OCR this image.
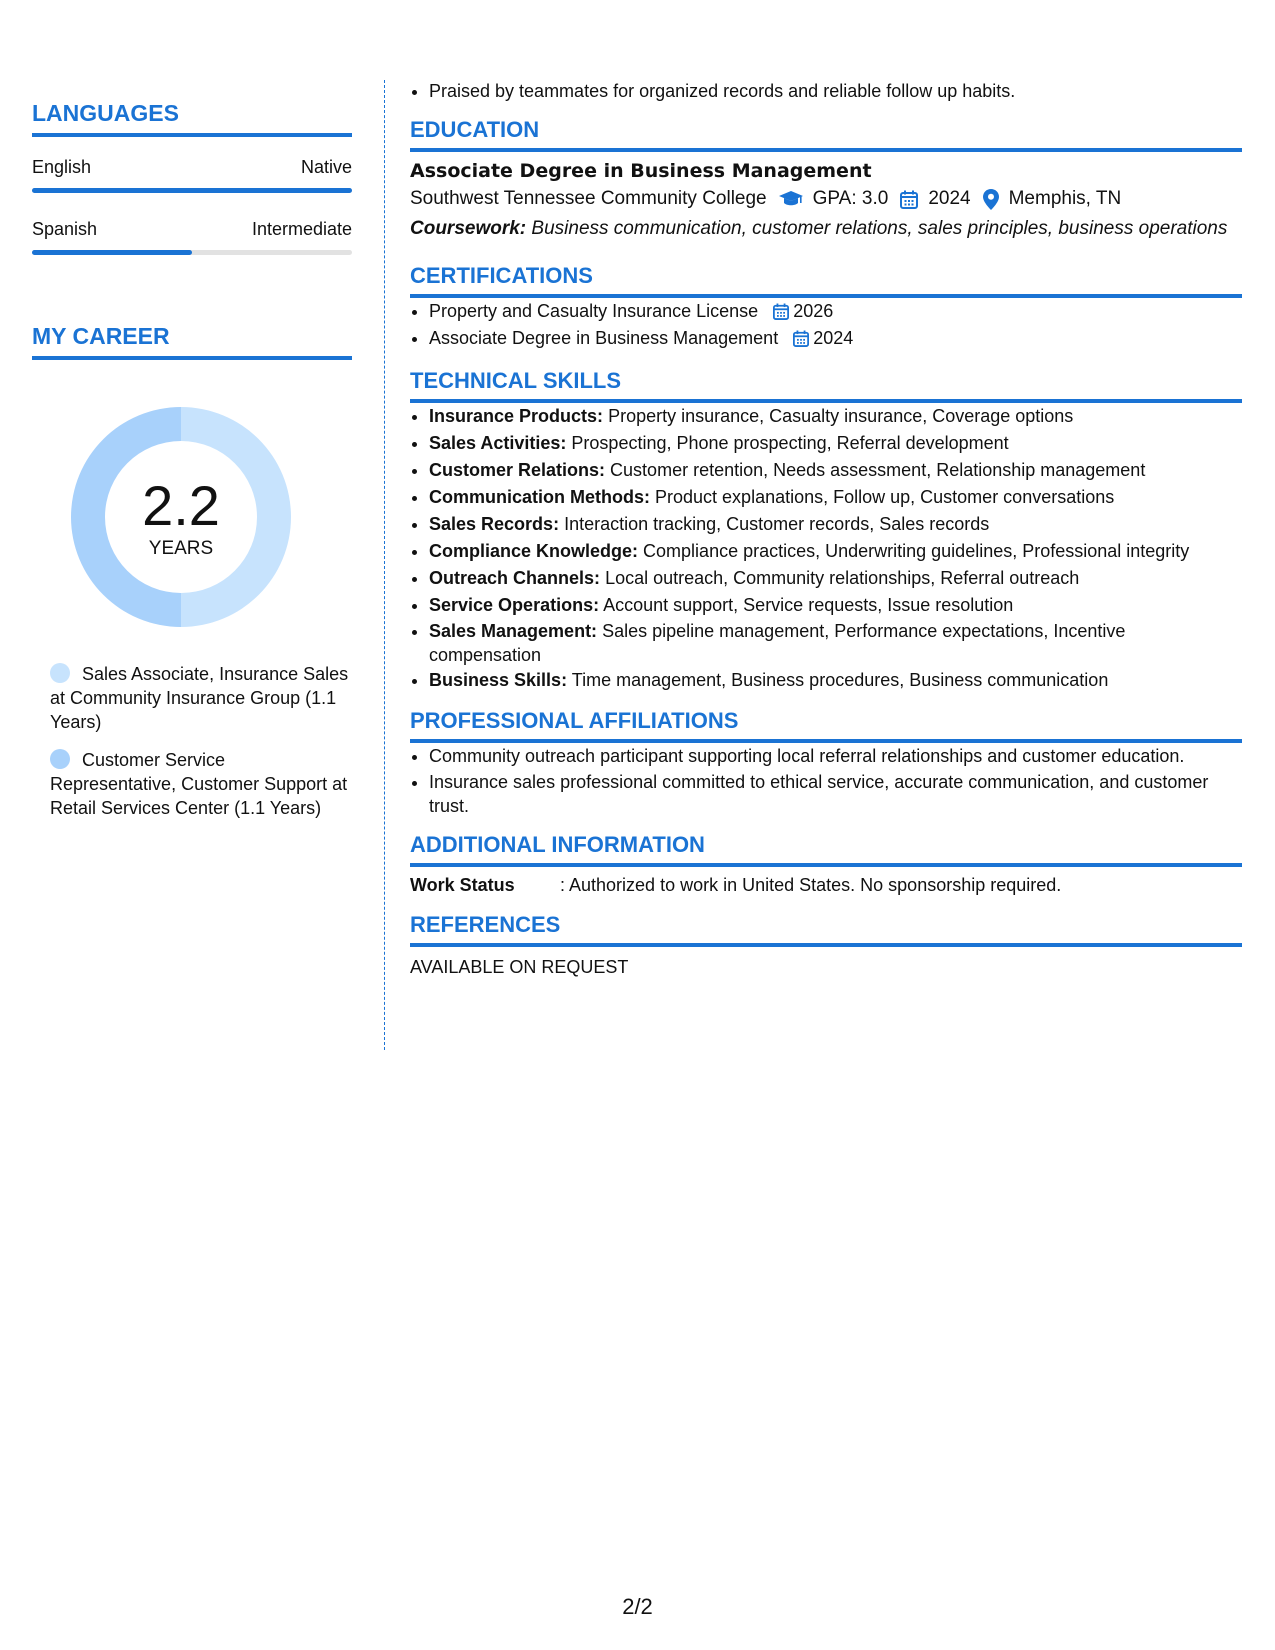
LANGUAGES
English	Native
Spanish	Intermediate
MY CAREER
2.2
YEARS
Sales Associate, Insurance Sales at Community Insurance Group (1.1 Years)
Customer Service Representative, Customer Support at Retail Services Center (1.1 Years)
• Praised by teammates for organized records and reliable follow up habits.
EDUCATION
Associate Degree in Business Management
Southwest Tennessee Community College GPA: 3.0 2024 Memphis, TN
Coursework: Business communication, customer relations, sales principles, business operations
CERTIFICATIONS
• Property and Casualty Insurance License 2026
• Associate Degree in Business Management 2024
TECHNICAL SKILLS
• Insurance Products: Property insurance, Casualty insurance, Coverage options
• Sales Activities: Prospecting, Phone prospecting, Referral development
• Customer Relations: Customer retention, Needs assessment, Relationship management
• Communication Methods: Product explanations, Follow up, Customer conversations
• Sales Records: Interaction tracking, Customer records, Sales records
• Compliance Knowledge: Compliance practices, Underwriting guidelines, Professional integrity
• Outreach Channels: Local outreach, Community relationships, Referral outreach
• Service Operations: Account support, Service requests, Issue resolution
• Sales Management: Sales pipeline management, Performance expectations, Incentive compensation
• Business Skills: Time management, Business procedures, Business communication
PROFESSIONAL AFFILIATIONS
• Community outreach participant supporting local referral relationships and customer education.
• Insurance sales professional committed to ethical service, accurate communication, and customer trust.
ADDITIONAL INFORMATION
Work Status	: Authorized to work in United States. No sponsorship required.
REFERENCES
AVAILABLE ON REQUEST
2/2
